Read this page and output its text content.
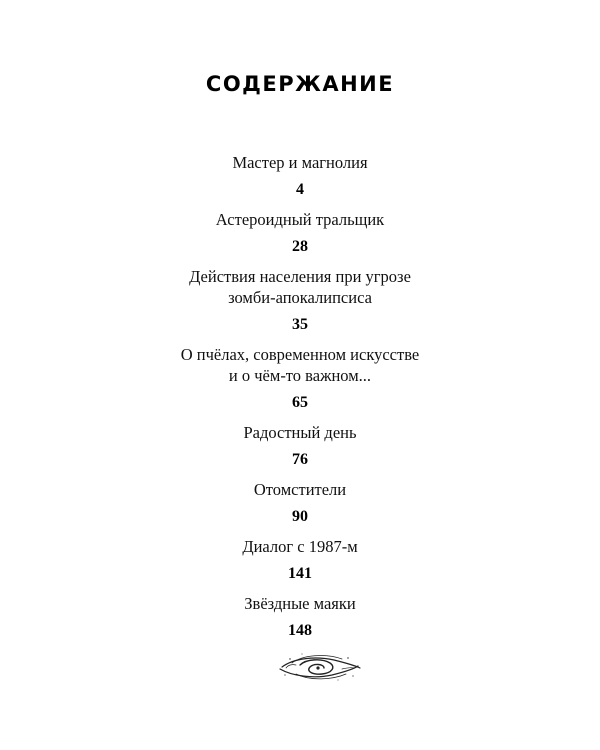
СОДЕРЖАНИЕ
Мастер и магнолия
4
Астероидный тральщик
28
Действия населения при угрозе
зомби-апокалипсиса
35
О пчёлах, современном искусстве
и о чём-то важном...
65
Радостный день
76
Отомстители
90
Диалог с 1987-м
141
Звёздные маяки
148
